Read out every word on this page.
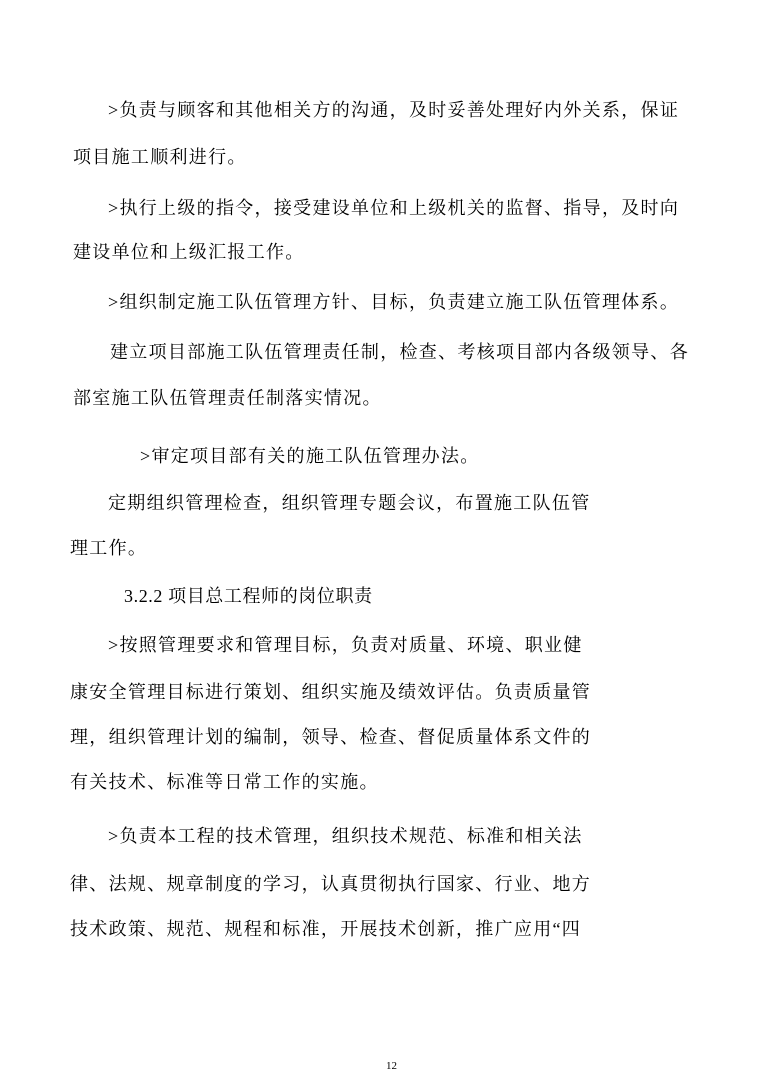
>负责与顾客和其他相关方的沟通，及时妥善处理好内外关系，保证
项目施工顺利进行。
>执行上级的指令，接受建设单位和上级机关的监督、指导，及时向
建设单位和上级汇报工作。
>组织制定施工队伍管理方针、目标，负责建立施工队伍管理体系。
建立项目部施工队伍管理责任制，检查、考核项目部内各级领导、各
部室施工队伍管理责任制落实情况。
>审定项目部有关的施工队伍管理办法。
定期组织管理检查，组织管理专题会议，布置施工队伍管
理工作。
3.2.2 项目总工程师的岗位职责
>按照管理要求和管理目标，负责对质量、环境、职业健
康安全管理目标进行策划、组织实施及绩效评估。负责质量管
理，组织管理计划的编制，领导、检查、督促质量体系文件的
有关技术、标准等日常工作的实施。
>负责本工程的技术管理，组织技术规范、标准和相关法
律、法规、规章制度的学习，认真贯彻执行国家、行业、地方
技术政策、规范、规程和标准，开展技术创新，推广应用“四
12
